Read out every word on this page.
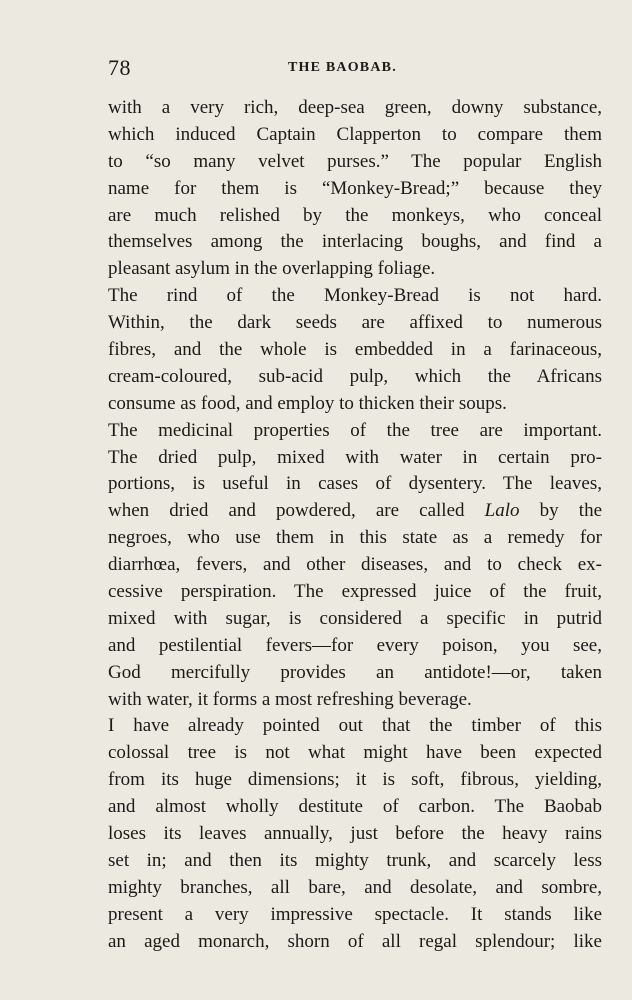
78	THE BAOBAB.
with a very rich, deep-sea green, downy substance,
which induced Captain Clapperton to compare them
to “so many velvet purses.” The popular English
name for them is “Monkey-Bread;” because they
are much relished by the monkeys, who conceal
themselves among the interlacing boughs, and find a
pleasant asylum in the overlapping foliage.
The rind of the Monkey-Bread is not hard.
Within, the dark seeds are affixed to numerous
fibres, and the whole is embedded in a farinaceous,
cream-coloured, sub-acid pulp, which the Africans
consume as food, and employ to thicken their soups.
The medicinal properties of the tree are important.
The dried pulp, mixed with water in certain pro-
portions, is useful in cases of dysentery. The leaves,
when dried and powdered, are called Lalo by the
negroes, who use them in this state as a remedy for
diarrhœa, fevers, and other diseases, and to check ex-
cessive perspiration. The expressed juice of the fruit,
mixed with sugar, is considered a specific in putrid
and pestilential fevers—for every poison, you see,
God mercifully provides an antidote!—or, taken
with water, it forms a most refreshing beverage.
I have already pointed out that the timber of this
colossal tree is not what might have been expected
from its huge dimensions; it is soft, fibrous, yielding,
and almost wholly destitute of carbon. The Baobab
loses its leaves annually, just before the heavy rains
set in; and then its mighty trunk, and scarcely less
mighty branches, all bare, and desolate, and sombre,
present a very impressive spectacle. It stands like
an aged monarch, shorn of all regal splendour; like
